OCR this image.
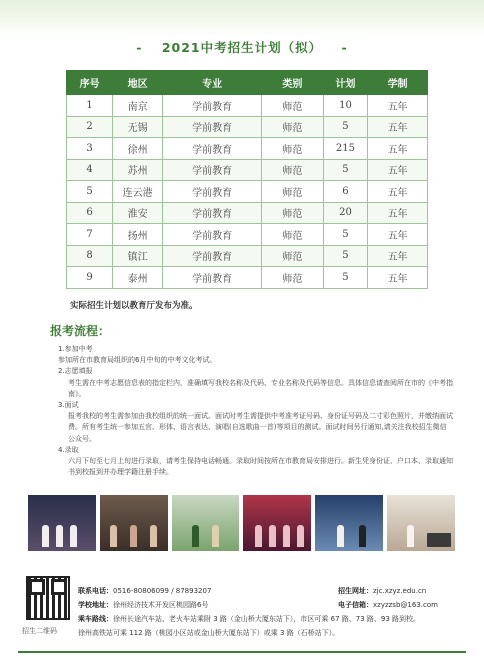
- 2021中考招生计划（拟） -
序号	地区	专业	类别	计划	学制
1	南京	学前教育	师范	10	五年
2	无锡	学前教育	师范	5	五年
3	徐州	学前教育	师范	215	五年
4	苏州	学前教育	师范	5	五年
5	连云港	学前教育	师范	6	五年
6	淮安	学前教育	师范	20	五年
7	扬州	学前教育	师范	5	五年
8	镇江	学前教育	师范	5	五年
9	泰州	学前教育	师范	5	五年
实际招生计划以教育厅发布为准。
报考流程：
1.参加中考
参加所在市教育局组织的6月中旬的中考文化考试。
2.志愿填报
考生需在中考志愿信息表的指定栏内，准确填写我校名称及代码、专业名称及代码等信息。具体信息请查阅所在市的《中考指南》。
3.面试
报考我校的考生需参加由我校组织的统一面试。面试时考生需提供中考准考证号码、身份证号码及二寸彩色照片，并缴纳面试费。所有考生统一参加五官、形体、语言表达、演唱(自选歌曲一首)等项目的测试。面试时间另行通知,请关注我校招生微信公众号。
4.录取
六月下旬至七月上旬进行录取，请考生保持电话畅通。录取时间按所在市教育局安排进行。新生凭身份证、户口本、录取通知书到校报到并办理学籍注册手续。
招生二维码
联系电话：0516-80806099 / 87893207
学校地址：徐州经济技术开发区桃园路6号
招生网址：zjc.xzyz.edu.cn
电子信箱：xzyzzsb@163.com
乘车路线：徐州长途汽车站、老火车站乘附 3 路（金山桥大厦东站下），市区可乘 67 路、73 路、93 路到校。
徐州高铁站可乘 112 路（桃园小区站或金山桥大厦东站下）或乘 3 路（石桥站下）。
